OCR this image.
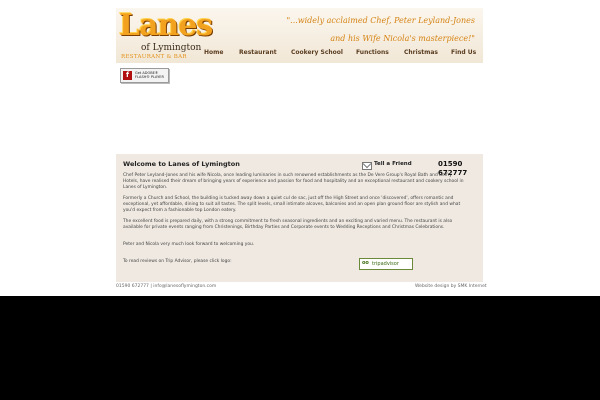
Lanes
of Lymington
RESTAURANT & BAR
"...widely acclaimed Chef, Peter Leyland-Jones
and his Wife Nicola's masterpiece!"
Home	Restaurant Cookery School Functions	Christmas Find Us
f	Get ADOBE®
FLASH® PLAYER
Welcome to Lanes of Lymington	Tell a Friend	01590 672777
Chef Peter Leyland-Jones and his wife Nicola, once leading luminaries in such renowned establishments as the De Vere Group's Royal Bath and Belfry Hotels, have realised their dream of bringing years of experience and passion for food and hospitality and an exceptional restaurant and cookery school in Lanes of Lymington.
Formerly a Church and School, the building is tucked away down a quiet cul de sac, just off the High Street and once 'discovered', offers romantic and exceptional, yet affordable, dining to suit all tastes. The split levels, small intimate alcoves, balconies and an open plan ground floor are stylish and what you'd expect from a fashionable top London eatery.
The excellent food is prepared daily, with a strong commitment to fresh seasonal ingredients and an exciting and varied menu. The restaurant is also available for private events ranging from Christenings, Birthday Parties and Corporate events to Wedding Receptions and Christmas Celebrations.
Peter and Nicola very much look forward to welcoming you.
To read reviews on Trip Advisor, please click logo:	oo tripadvisor
01590 672777 | info@lanesoflymington.com	Website design by SMK Internet
